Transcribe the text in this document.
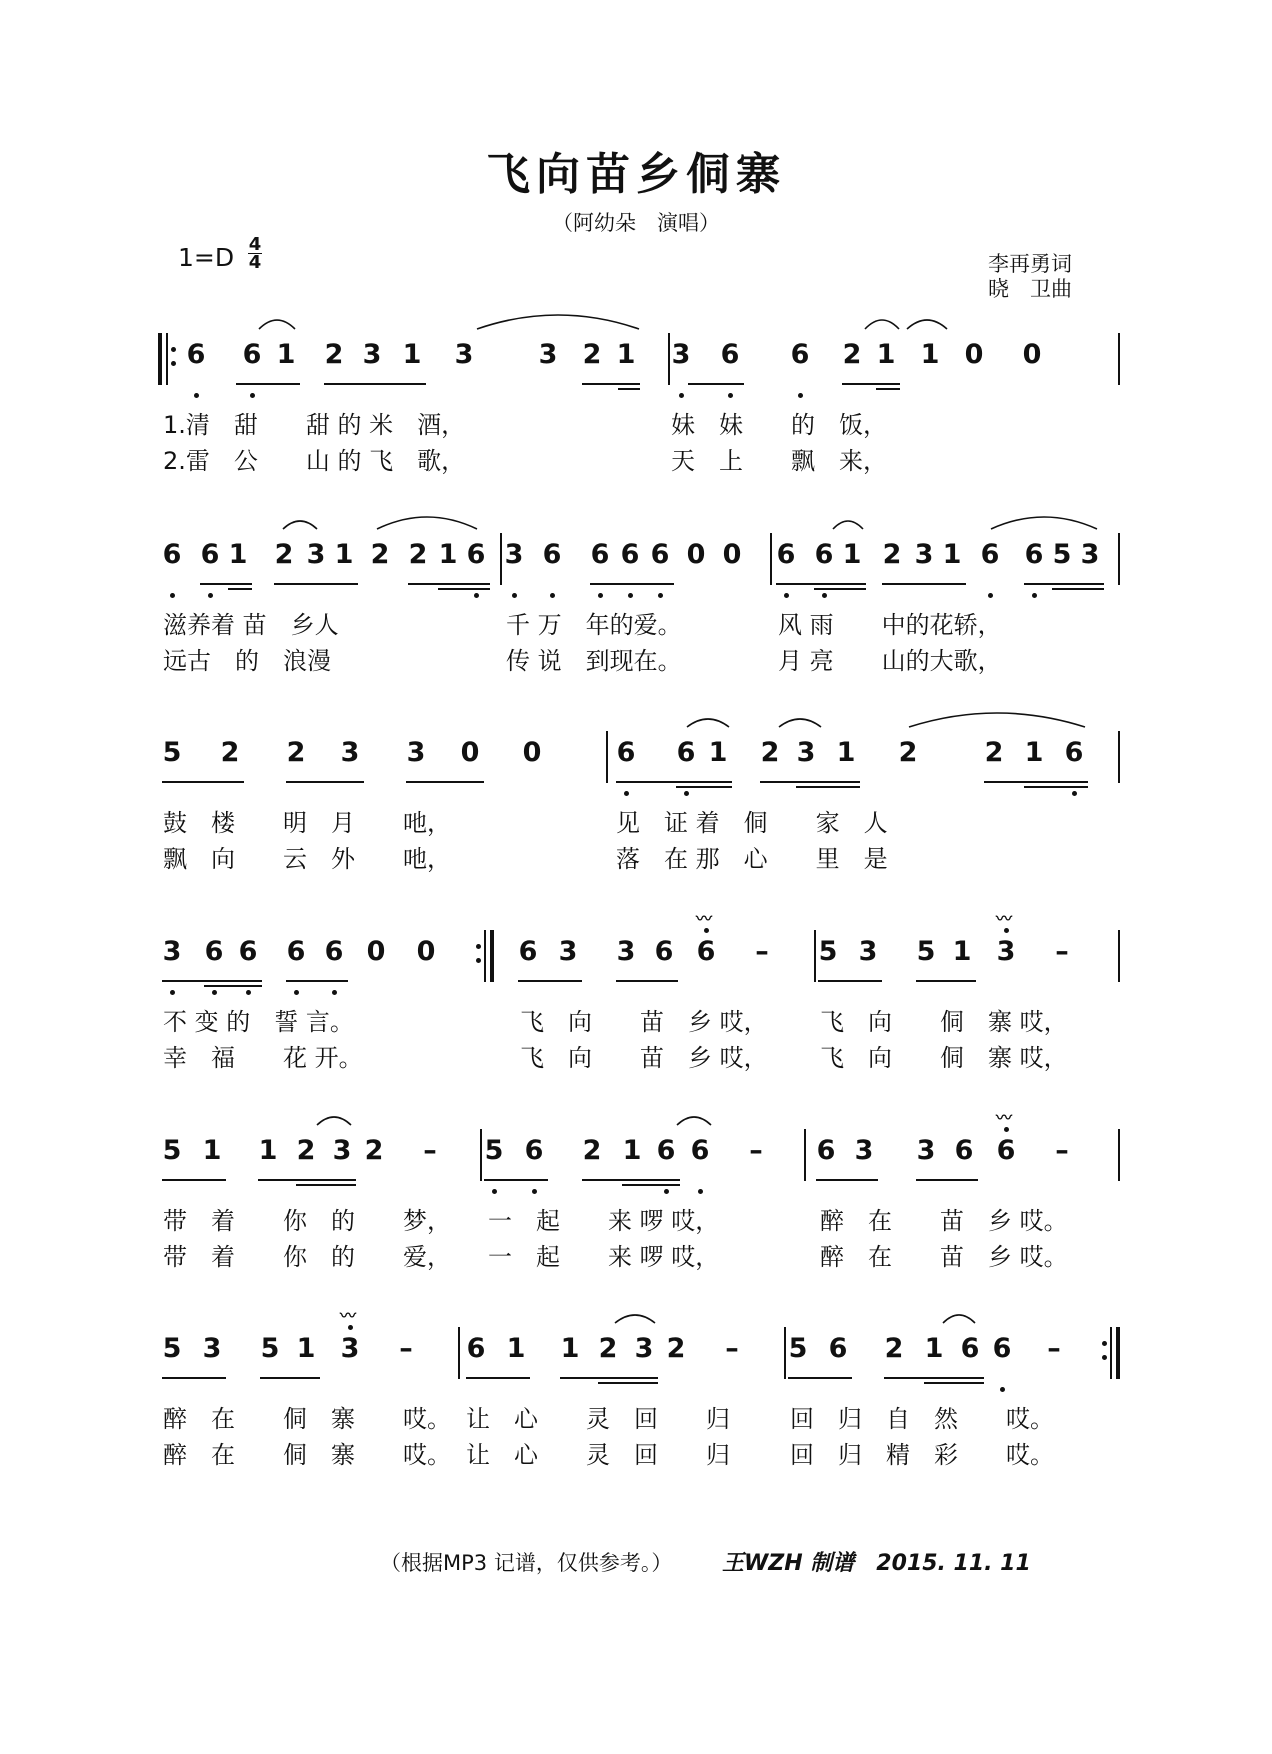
飞向苗乡侗寨
（阿幼朵　演唱）
1=D 4
4	李再勇词
晓　卫曲
6 6 1 2 3 1 3 3 2 1 3 6 6 2 1 1 0 0
1.清　甜　　甜 的 米　酒，	妹　妹　　的　饭，
2.雷　公　　山 的 飞　歌，	天　上　　飘　来，
6 6 1 2 3 1 2 2 1 6 3 6 6 6 6 0 0 6 6 1 2 3 1 6 6 5 3
滋养着 苗　乡人	千 万　年的爱。	风 雨　　中的花轿，
远古　的　浪漫	传 说　到现在。	月 亮　　山的大歌，
5 2 2 3 3 0 0	6 6 1 2 3 1 2 2 1 6
鼓　楼　　明　月　　吔，	见　证 着　侗　　家　人
飘　向　　云　外　　吔，	落　在 那　心　　里　是
3 6 6 6 6 0 0	6 3 3 6 6
〰
– 5 3 5 1 3
〰
–
不 变 的　誓 言。	飞　向　　苗　乡 哎， 飞　向　　侗　寨 哎，
幸　福　　花 开。	飞　向　　苗　乡 哎， 飞　向　　侗　寨 哎，
5 1 1 2 3 2 – 5 6 2 1 6 6 – 6 3 3 6 6
〰
–
带　着　　你　的　　梦， 一　起　　来 啰 哎，	醉　在　　苗　乡 哎。
带　着　　你　的　　爱， 一　起　　来 啰 哎，	醉　在　　苗　乡 哎。
5 3 5 1 3
〰
– 6 1 1 2 3 2 – 5 6 2 1 6 6 –
醉　在　　侗　寨　　哎。 让　心　　灵　回　　归	回　归　自　然　　哎。
醉　在　　侗　寨　　哎。 让　心　　灵　回　　归	回　归　精　彩　　哎。
（根据MP3 记谱，仅供参考。） 王WZH 制谱　2015. 11. 11
